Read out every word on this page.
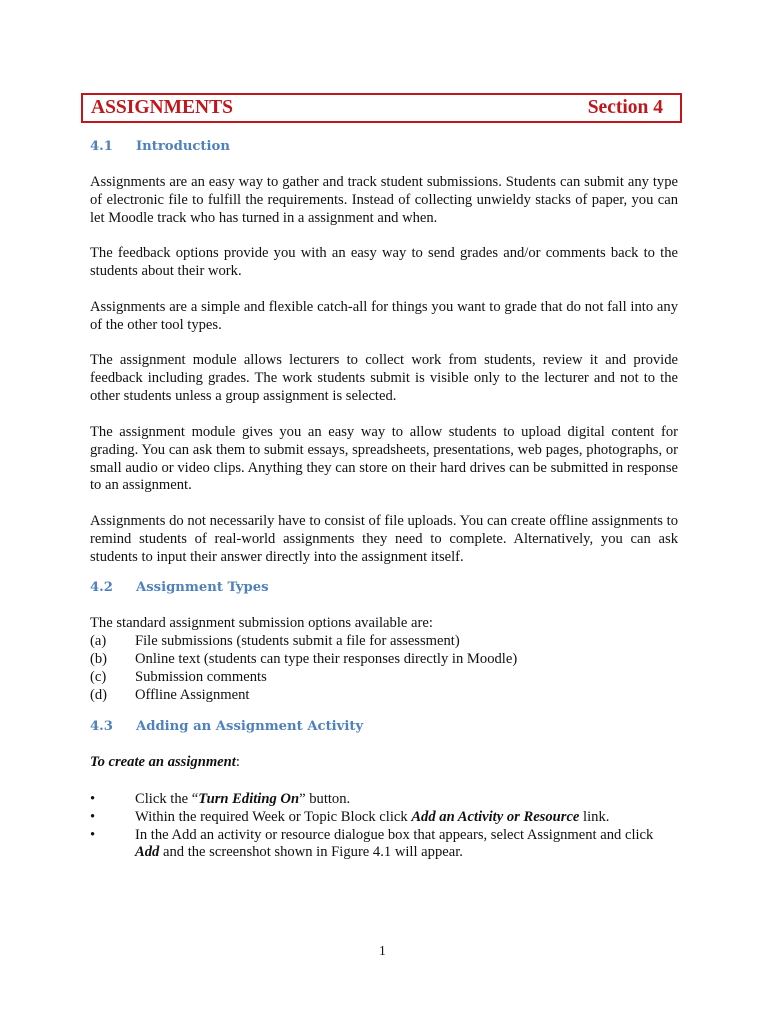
ASSIGNMENTS	Section 4
4.1 Introduction

Assignments are an easy way to gather and track student submissions. Students can submit any type of electronic file to fulfill the requirements. Instead of collecting unwieldy stacks of paper, you can let Moodle track who has turned in a assignment and when.

The feedback options provide you with an easy way to send grades and/or comments back to the students about their work.

Assignments are a simple and flexible catch-all for things you want to grade that do not fall into any of the other tool types.

The assignment module allows lecturers to collect work from students, review it and provide feedback including grades. The work students submit is visible only to the lecturer and not to the other students unless a group assignment is selected.

The assignment module gives you an easy way to allow students to upload digital content for grading. You can ask them to submit essays, spreadsheets, presentations, web pages, photographs, or small audio or video clips. Anything they can store on their hard drives can be submitted in response to an assignment.

Assignments do not necessarily have to consist of file uploads. You can create offline assignments to remind students of real-world assignments they need to complete. Alternatively, you can ask students to input their answer directly into the assignment itself.

4.2 Assignment Types
The standard assignment submission options available are:
(a) File submissions (students submit a file for assessment)
(b) Online text (students can type their responses directly in Moodle)
(c) Submission comments
(d) Offline Assignment
4.3 Adding an Assignment Activity
To create an assignment:
•	Click the “Turn Editing On” button.
•	Within the required Week or Topic Block click Add an Activity or Resource link.
•	In the Add an activity or resource dialogue box that appears, select Assignment and click Add and the screenshot shown in Figure 4.1 will appear.
1
